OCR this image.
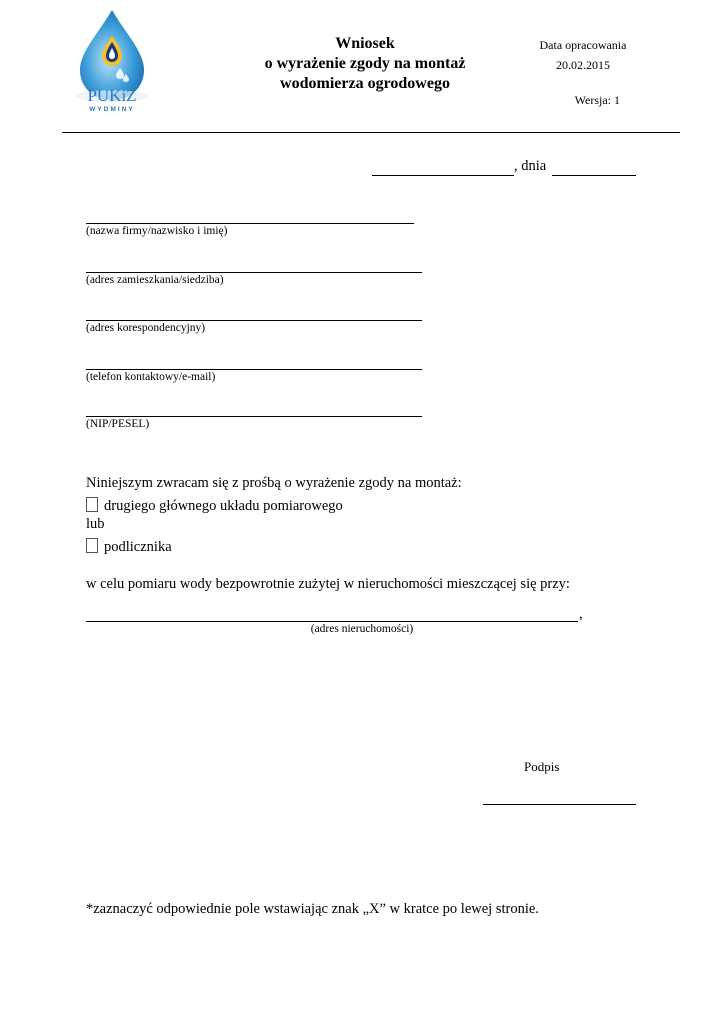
PUKiZ
WYDMINY
Wniosek
o wyrażenie zgody na montaż
wodomierza ogrodowego
Data opracowania
20.02.2015
Wersja: 1
, dnia
(nazwa firmy/nazwisko i imię)
(adres zamieszkania/siedziba)
(adres korespondencyjny)
(telefon kontaktowy/e-mail)
(NIP/PESEL)
Niniejszym zwracam się z prośbą o wyrażenie zgody na montaż:
drugiego głównego układu pomiarowego
lub
podlicznika
w celu pomiaru wody bezpowrotnie zużytej w nieruchomości mieszczącej się przy:
,
(adres nieruchomości)
Podpis
*zaznaczyć odpowiednie pole wstawiając znak „X” w kratce po lewej stronie.
